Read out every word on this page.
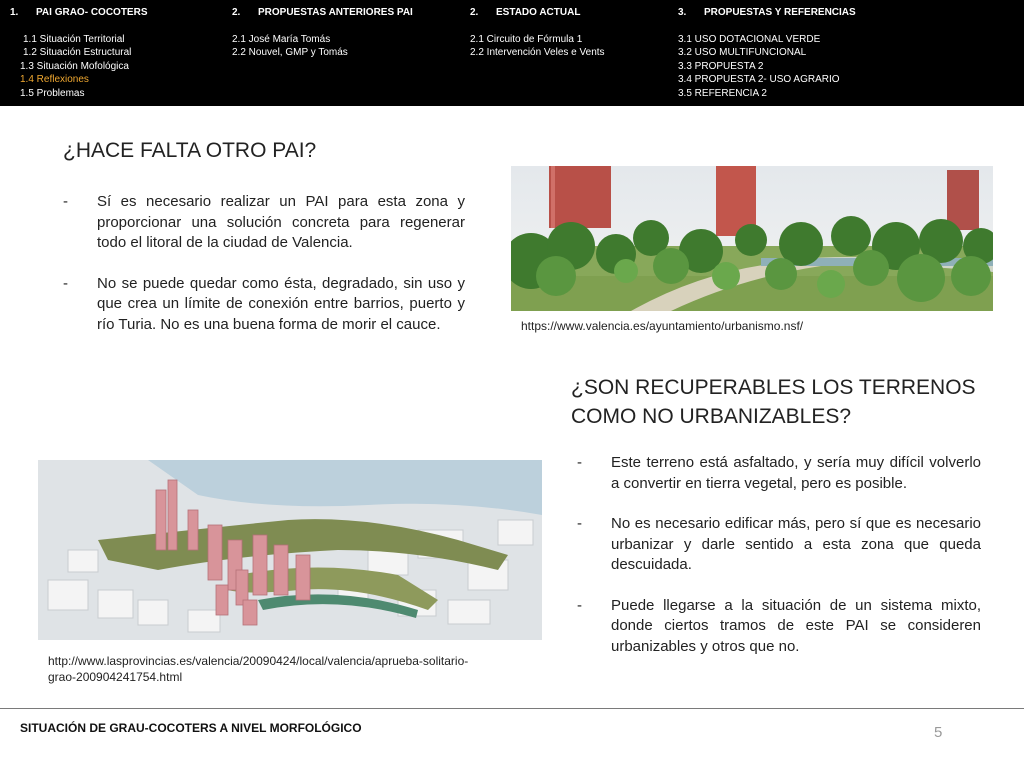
1.	PAI GRAO- COCOTERS
1.1 Situación Territorial
1.2 Situación Estructural
1.3 Situación Mofológica
1.4 Reflexiones
1.5 Problemas
2.	PROPUESTAS ANTERIORES PAI
2.1 José María Tomás
2.2 Nouvel, GMP y Tomás
2.	ESTADO ACTUAL
2.1 Circuito de Fórmula 1
2.2 Intervención Veles e Vents
3.	PROPUESTAS Y REFERENCIAS
3.1 USO DOTACIONAL VERDE
3.2 USO MULTIFUNCIONAL
3.3 PROPUESTA 2
3.4 PROPUESTA 2- USO AGRARIO
3.5 REFERENCIA 2
¿HACE FALTA OTRO PAI?
- Sí es necesario realizar un PAI para esta zona y proporcionar una solución concreta para regenerar todo el litoral de la ciudad de Valencia.
- No se puede quedar como ésta, degradado, sin uso y que crea un límite de conexión entre barrios, puerto y río Turia. No es una buena forma de morir el cauce.	https://www.valencia.es/ayuntamiento/urbanismo.nsf/
¿SON RECUPERABLES LOS TERRENOS
COMO NO URBANIZABLES?
- Este terreno está asfaltado, y sería muy difícil volverlo a convertir en tierra vegetal, pero es posible.
- No es necesario edificar más, pero sí que es necesario urbanizar y darle sentido a esta zona que queda descuidada.
- Puede llegarse a la situación de un sistema mixto, donde ciertos tramos de este PAI se consideren urbanizables y otros que no.
http://www.lasprovincias.es/valencia/20090424/local/valencia/aprueba-solitario-
grao-200904241754.html
SITUACIÓN DE GRAU-COCOTERS A NIVEL MORFOLÓGICO	5
